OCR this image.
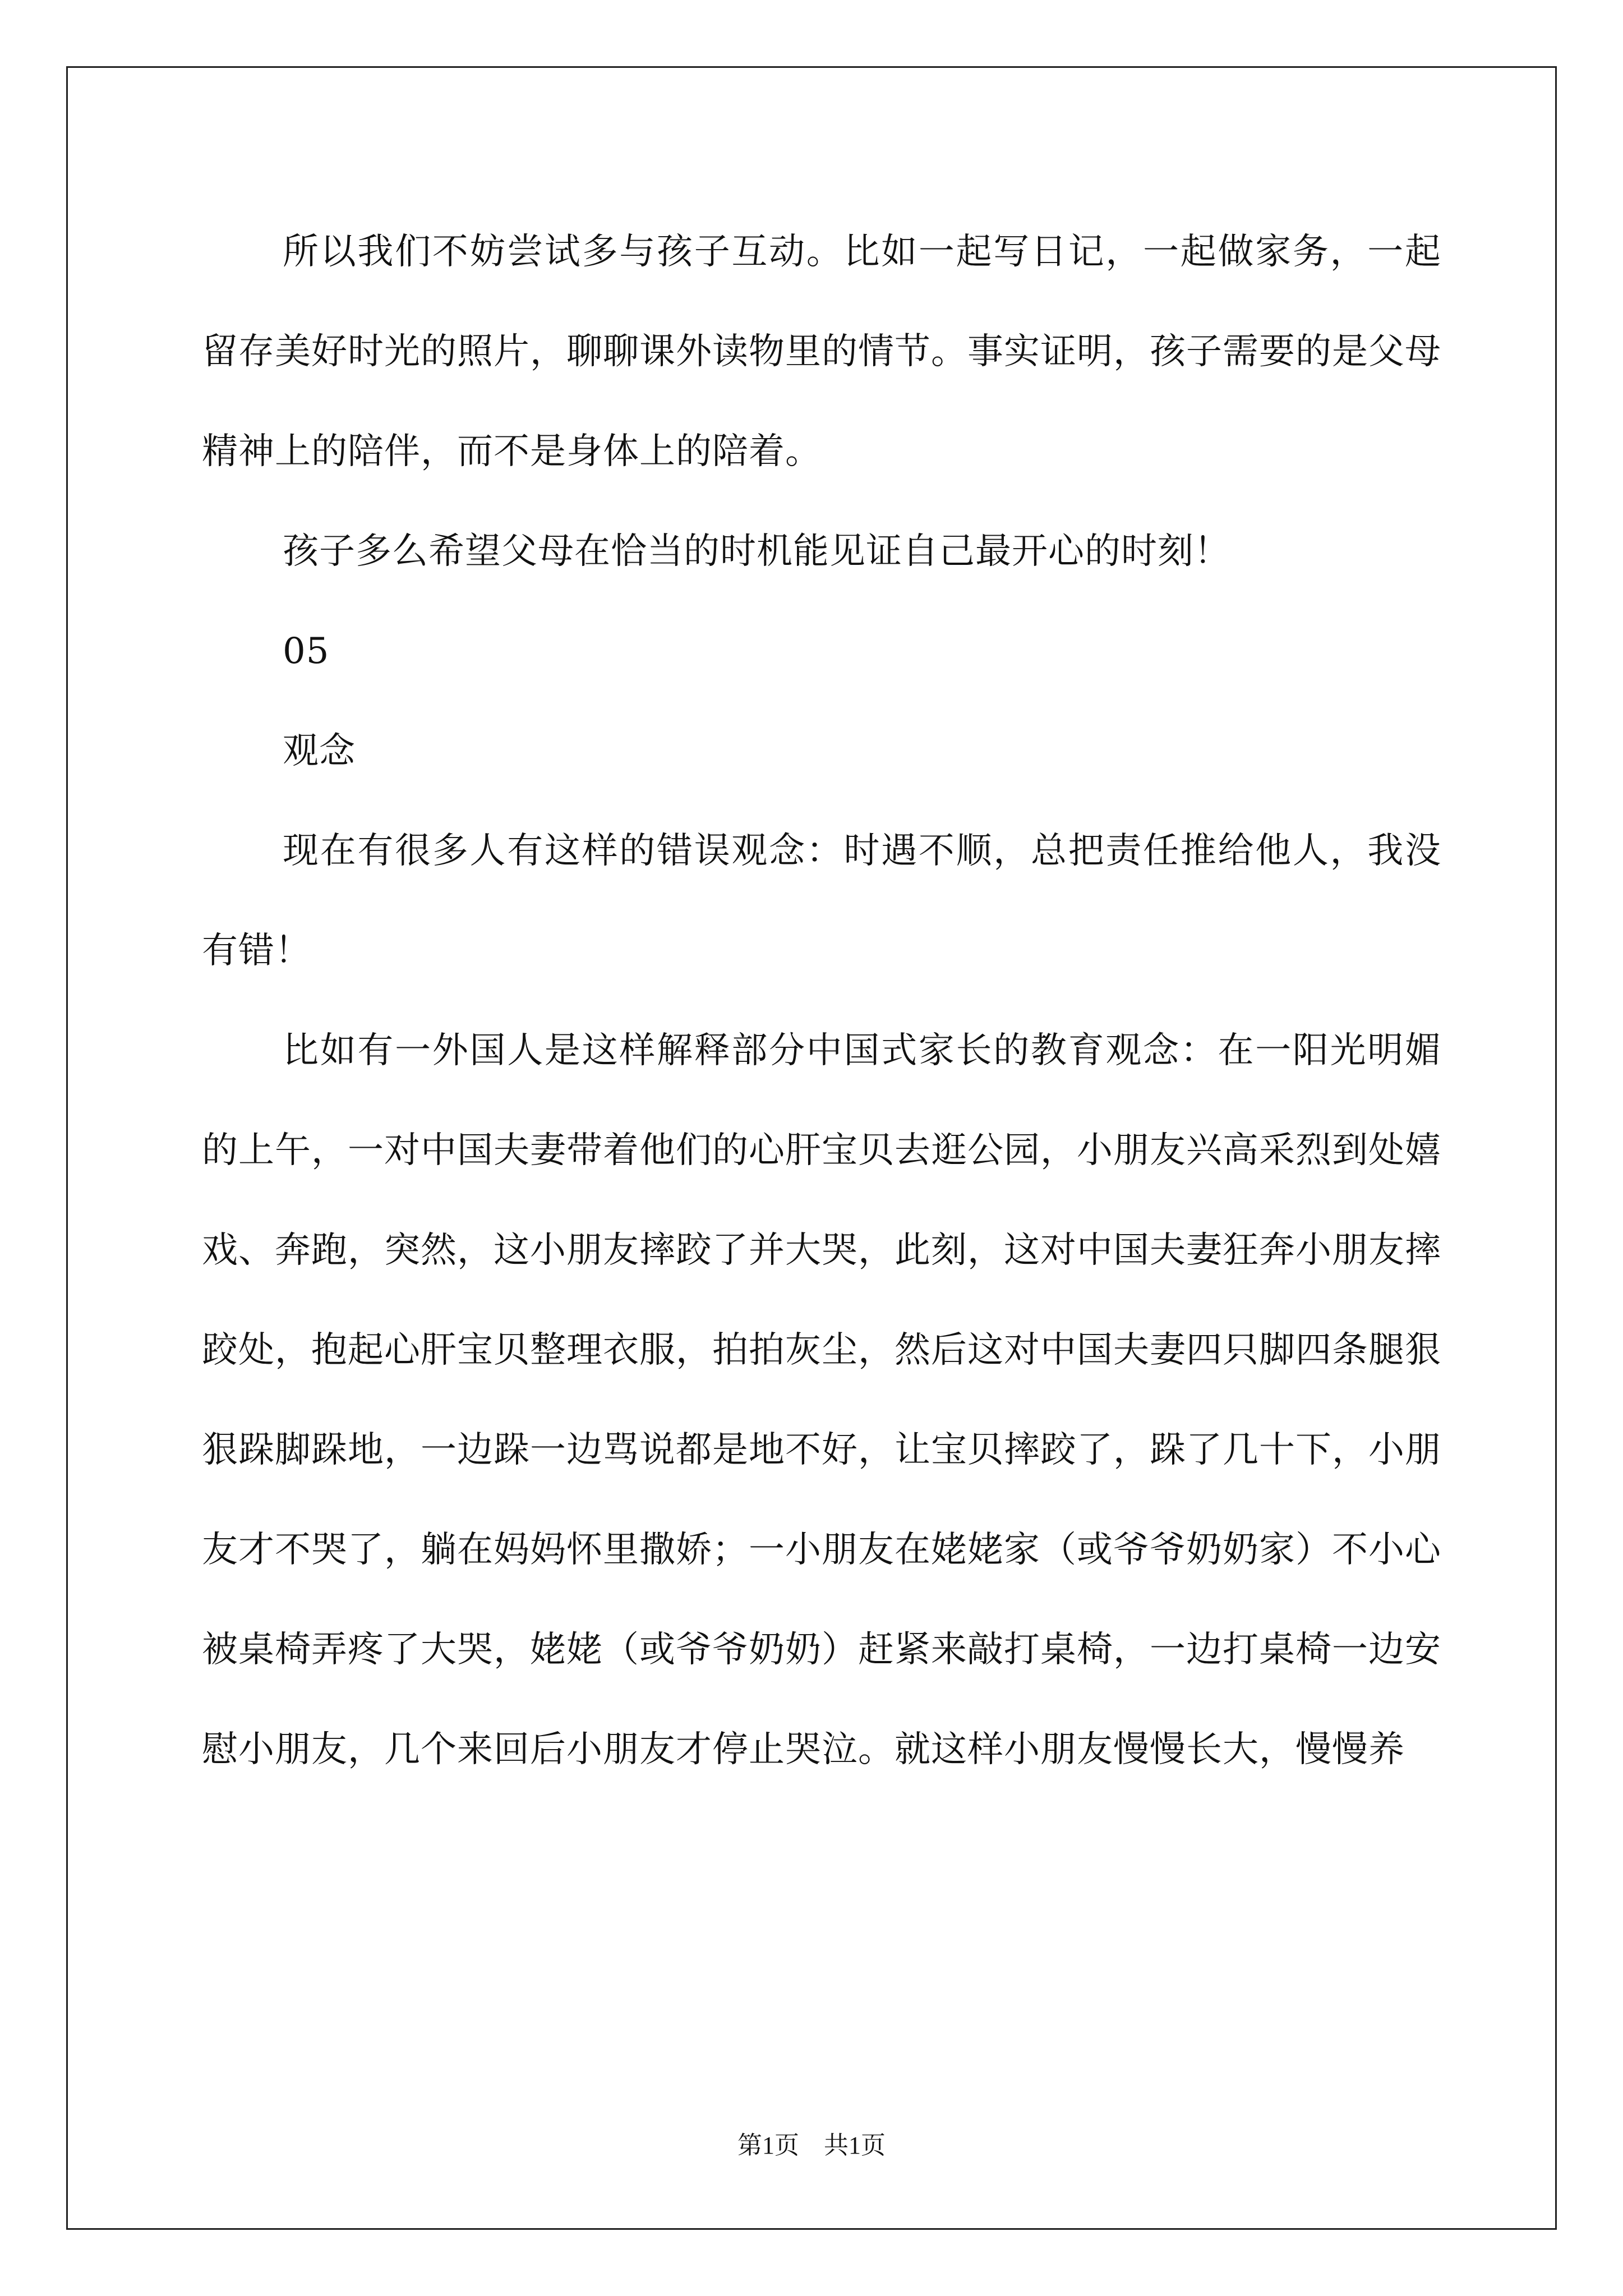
所以我们不妨尝试多与孩子互动。比如一起写日记，一起做家务，一起留存美好时光的照片，聊聊课外读物里的情节。事实证明，孩子需要的是父母精神上的陪伴，而不是身体上的陪着。

孩子多么希望父母在恰当的时机能见证自己最开心的时刻！

05

观念

现在有很多人有这样的错误观念：时遇不顺，总把责任推给他人，我没有错！

比如有一外国人是这样解释部分中国式家长的教育观念：在一阳光明媚的上午，一对中国夫妻带着他们的心肝宝贝去逛公园，小朋友兴高采烈到处嬉戏、奔跑，突然，这小朋友摔跤了并大哭，此刻，这对中国夫妻狂奔小朋友摔跤处，抱起心肝宝贝整理衣服，拍拍灰尘，然后这对中国夫妻四只脚四条腿狠狠跺脚跺地，一边跺一边骂说都是地不好，让宝贝摔跤了，跺了几十下，小朋友才不哭了，躺在妈妈怀里撒娇；一小朋友在姥姥家（或爷爷奶奶家）不小心被桌椅弄疼了大哭，姥姥（或爷爷奶奶）赶紧来敲打桌椅，一边打桌椅一边安慰小朋友，几个来回后小朋友才停止哭泣。就这样小朋友慢慢长大，慢慢养

第1页 共1页
